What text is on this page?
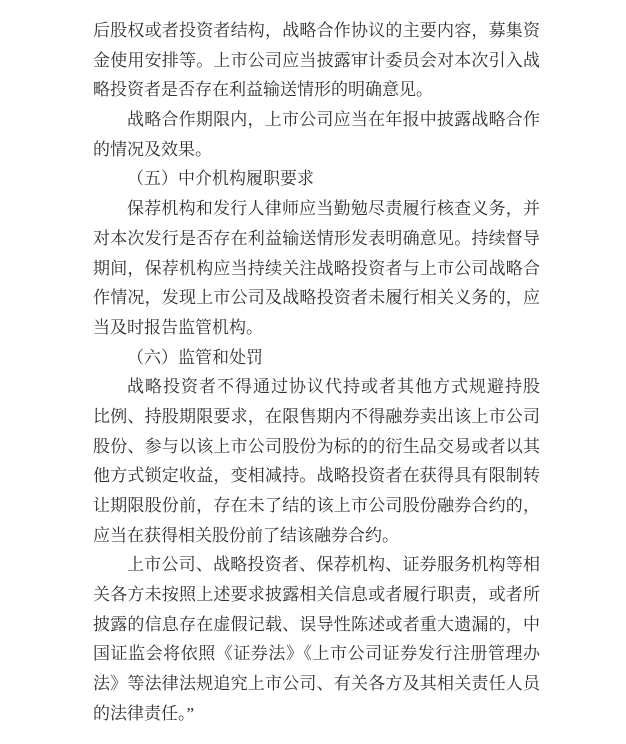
后股权或者投资者结构，战略合作协议的主要内容，募集资
金使用安排等。上市公司应当披露审计委员会对本次引入战
略投资者是否存在利益输送情形的明确意见。
战略合作期限内，上市公司应当在年报中披露战略合作
的情况及效果。
（五）中介机构履职要求
保荐机构和发行人律师应当勤勉尽责履行核查义务，并
对本次发行是否存在利益输送情形发表明确意见。持续督导
期间，保荐机构应当持续关注战略投资者与上市公司战略合
作情况，发现上市公司及战略投资者未履行相关义务的，应
当及时报告监管机构。
（六）监管和处罚
战略投资者不得通过协议代持或者其他方式规避持股
比例、持股期限要求，在限售期内不得融券卖出该上市公司
股份、参与以该上市公司股份为标的的衍生品交易或者以其
他方式锁定收益，变相减持。战略投资者在获得具有限制转
让期限股份前，存在未了结的该上市公司股份融券合约的，
应当在获得相关股份前了结该融券合约。
上市公司、战略投资者、保荐机构、证券服务机构等相
关各方未按照上述要求披露相关信息或者履行职责，或者所
披露的信息存在虚假记载、误导性陈述或者重大遗漏的，中
国证监会将依照《证券法》《上市公司证券发行注册管理办
法》等法律法规追究上市公司、有关各方及其相关责任人员
的法律责任。”
